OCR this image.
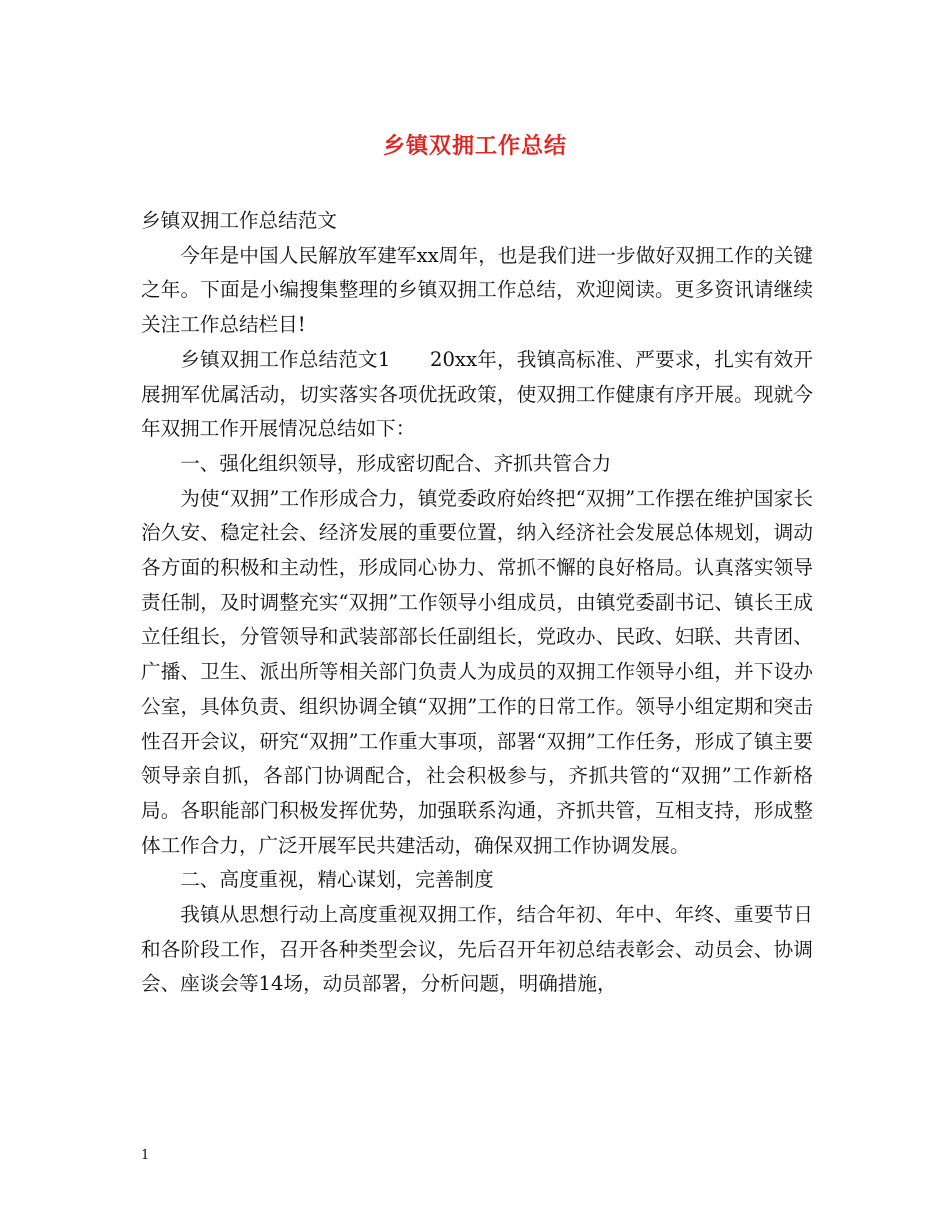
乡镇双拥工作总结

乡镇双拥工作总结范文

今年是中国人民解放军建军xx周年，也是我们进一步做好双拥工作的关键之年。下面是小编搜集整理的乡镇双拥工作总结，欢迎阅读。更多资讯请继续关注工作总结栏目!

乡镇双拥工作总结范文1　　20xx年，我镇高标准、严要求，扎实有效开展拥军优属活动，切实落实各项优抚政策，使双拥工作健康有序开展。现就今年双拥工作开展情况总结如下：

一、强化组织领导，形成密切配合、齐抓共管合力

为使“双拥”工作形成合力，镇党委政府始终把“双拥”工作摆在维护国家长治久安、稳定社会、经济发展的重要位置，纳入经济社会发展总体规划，调动各方面的积极和主动性，形成同心协力、常抓不懈的良好格局。认真落实领导责任制，及时调整充实“双拥”工作领导小组成员，由镇党委副书记、镇长王成立任组长，分管领导和武装部部长任副组长，党政办、民政、妇联、共青团、广播、卫生、派出所等相关部门负责人为成员的双拥工作领导小组，并下设办公室，具体负责、组织协调全镇“双拥”工作的日常工作。领导小组定期和突击性召开会议，研究“双拥”工作重大事项，部署“双拥”工作任务，形成了镇主要领导亲自抓，各部门协调配合，社会积极参与，齐抓共管的“双拥”工作新格局。各职能部门积极发挥优势，加强联系沟通，齐抓共管，互相支持，形成整体工作合力，广泛开展军民共建活动，确保双拥工作协调发展。

二、高度重视，精心谋划，完善制度

我镇从思想行动上高度重视双拥工作，结合年初、年中、年终、重要节日和各阶段工作，召开各种类型会议，先后召开年初总结表彰会、动员会、协调会、座谈会等14场，动员部署，分析问题，明确措施，

1
